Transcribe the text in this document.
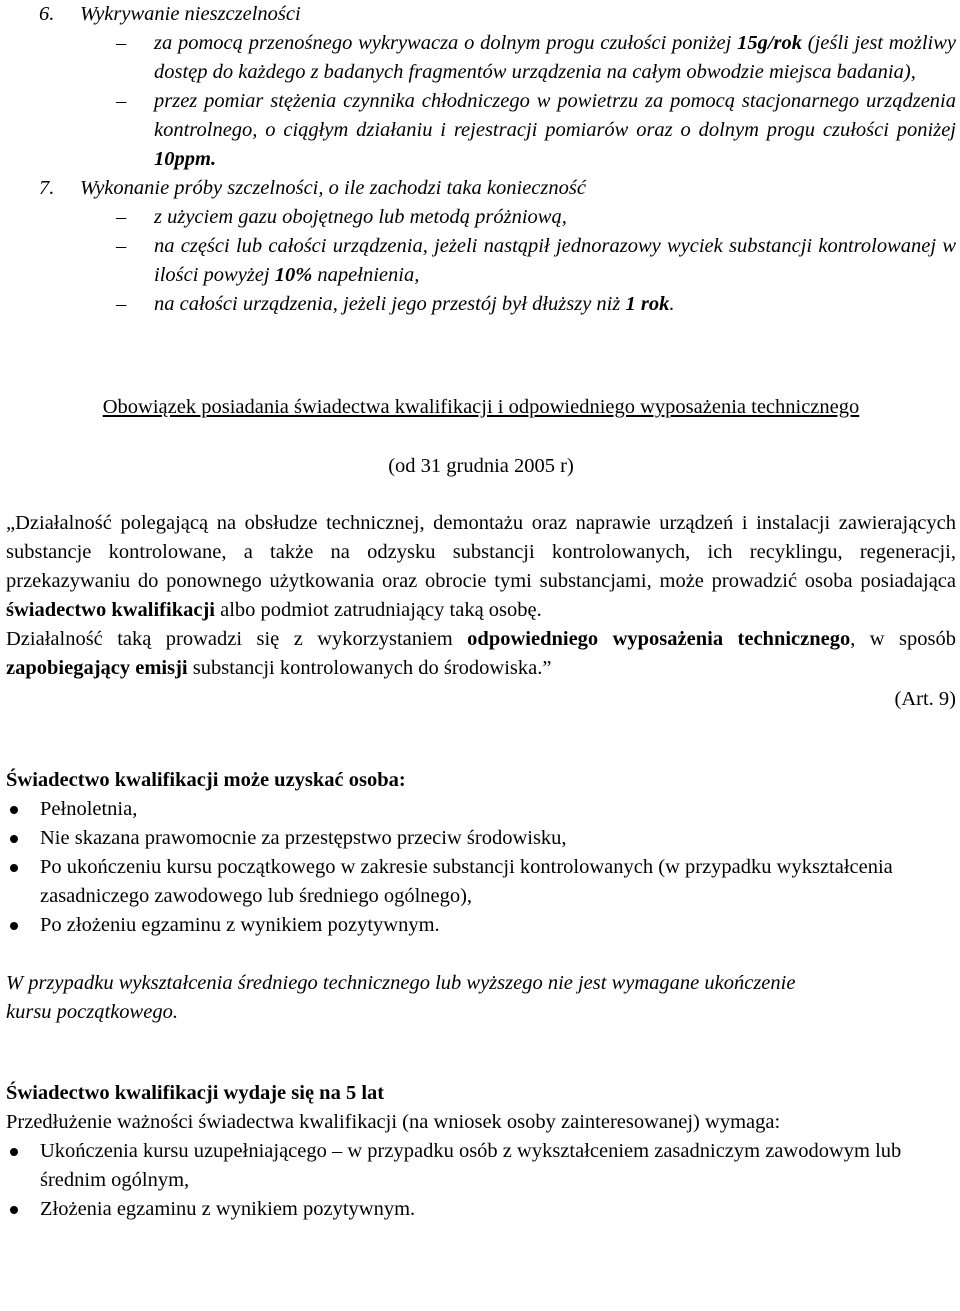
6. Wykrywanie nieszczelności
– za pomocą przenośnego wykrywacza o dolnym progu czułości poniżej 15g/rok (jeśli jest możliwy dostęp do każdego z badanych fragmentów urządzenia na całym obwodzie miejsca badania),
– przez pomiar stężenia czynnika chłodniczego w powietrzu za pomocą stacjonarnego urządzenia kontrolnego, o ciągłym działaniu i rejestracji pomiarów oraz o dolnym progu czułości poniżej 10ppm.
7. Wykonanie próby szczelności, o ile zachodzi taka konieczność
– z użyciem gazu obojętnego lub metodą próżniową,
– na części lub całości urządzenia, jeżeli nastąpił jednorazowy wyciek substancji kontrolowanej w ilości powyżej 10% napełnienia,
– na całości urządzenia, jeżeli jego przestój był dłuższy niż 1 rok.
Obowiązek posiadania świadectwa kwalifikacji i odpowiedniego wyposażenia technicznego
(od 31 grudnia 2005 r)
„Działalność polegającą na obsłudze technicznej, demontażu oraz naprawie urządzeń i instalacji zawierających substancje kontrolowane, a także na odzysku substancji kontrolowanych, ich recyklingu, regeneracji, przekazywaniu do ponownego użytkowania oraz obrocie tymi substancjami, może prowadzić osoba posiadająca świadectwo kwalifikacji albo podmiot zatrudniający taką osobę.
Działalność taką prowadzi się z wykorzystaniem odpowiedniego wyposażenia technicznego, w sposób zapobiegający emisji substancji kontrolowanych do środowiska.”
(Art. 9)
Świadectwo kwalifikacji może uzyskać osoba:
Pełnoletnia,
Nie skazana prawomocnie za przestępstwo przeciw środowisku,
Po ukończeniu kursu początkowego w zakresie substancji kontrolowanych (w przypadku wykształcenia zasadniczego zawodowego lub średniego ogólnego),
Po złożeniu egzaminu z wynikiem pozytywnym.
W przypadku wykształcenia średniego technicznego lub wyższego nie jest wymagane ukończenie kursu początkowego.
Świadectwo kwalifikacji wydaje się na 5 lat
Przedłużenie ważności świadectwa kwalifikacji (na wniosek osoby zainteresowanej) wymaga:
Ukończenia kursu uzupełniającego – w przypadku osób z wykształceniem zasadniczym zawodowym lub średnim ogólnym,
Złożenia egzaminu z wynikiem pozytywnym.
